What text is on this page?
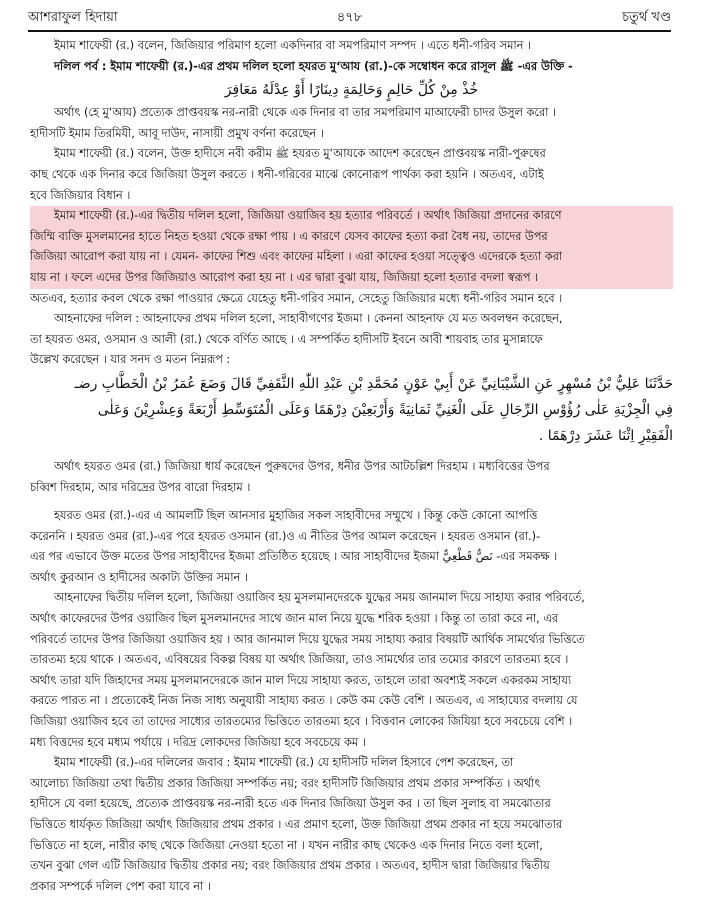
আশরাফুল হিদায়া	৪৭৮	চতুর্থ খণ্ড
ইমাম শাফেয়ী (র.) বলেন, জিজিয়ার পরিমাণ হলো একদিনার বা সমপরিমাণ সম্পদ । এতে ধনী-গরিব সমান ।
দলিল পর্ব : ইমাম শাফেয়ী (র.)-এর প্রথম দলিল হলো হযরত মু‘আয (রা.)-কে সম্বোধন করে রাসূল ﷺ -এর উক্তি -
خُذْ مِنْ كُلِّ حَالِمٍ وَحَالِمَةٍ دِينَارًا أَوْ عِدْلَهُ مَعَافِرَ
অর্থাৎ (হে মু‘আয) প্রত্যেক প্রাপ্তবয়স্ক নর-নারী থেকে এক দিনার বা তার সমপরিমাণ মাআফেরী চাদর উসুল করো ।
হাদীসটি ইমাম তিরমিযী, আবূ দাউদ, নাসায়ী প্রমুখ বর্ণনা করেছেন ।
ইমাম শাফেয়ী (র.) বলেন, উক্ত হাদীসে নবী করীম ﷺ হযরত মু‘আযকে আদেশ করেছেন প্রাপ্তবয়স্ক নারী-পুরুষের
কাছ থেকে এক দিনার করে জিজিয়া উসুল করতে । ধনী-গরিবের মাঝে কোনোরূপ পার্থক্য করা হয়নি । অতএব, এটাই
হবে জিজিয়ার বিধান ।
ইমাম শাফেয়ী (র.)-এর দ্বিতীয় দলিল হলো, জিজিয়া ওয়াজিব হয় হত্যার পরিবর্তে । অর্থাৎ জিজিয়া প্রদানের কারণে
জিম্মি ব্যক্তি মুসলমানের হাতে নিহত হওয়া থেকে রক্ষা পায় । এ কারণে যেসব কাফের হত্যা করা বৈধ নয়, তাদের উপর
জিজিয়া আরোপ করা যায় না । যেমন- কাফের শিশু এবং কাফের মহিলা । এরা কাফের হওয়া সত্ত্বেও এদেরকে হত্যা করা
যায় না । ফলে এদের উপর জিজিয়াও আরোপ করা হয় না । এর দ্বারা বুঝা যায়, জিজিয়া হলো হত্যার বদলা স্বরূপ ।
অতএব, হত্যার কবল থেকে রক্ষা পাওয়ার ক্ষেত্রে যেহেতু ধনী-গরিব সমান, সেহেতু জিজিয়ার মধ্যে ধনী-গরিব সমান হবে ।
আহনাফের দলিল : আহনাফের প্রথম দলিল হলো, সাহাবীগণের ইজমা । কেননা আহনাফ যে মত অবলম্বন করেছেন,
তা হযরত ওমর, ওসমান ও আলী (রা.) থেকে বর্ণিত আছে । এ সম্পর্কিত হাদীসটি ইবনে আবী শায়বাহ তার মুসান্নাফে
উল্লেখ করেছেন । যার সনদ ও মতন নিম্নরূপ :
حَدَّثَنَا عَلِيُّ بْنُ مُسْهِرٍ عَنِ الشَّيْبَانِيِّ عَنْ أَبِيْ عَوْنٍ مُحَمَّدِ بْنِ عَبْدِ اللّٰهِ الثَّقَفِيِّ قَالَ وَضَعَ عُمَرُ بْنُ الْخَطَّابِ رضـ
فِي الْجِزْيَةِ عَلٰى رُؤُوْسِ الرِّجَالِ عَلَى الْغَنِيِّ ثَمَانِيَةً وَأَرْبَعِيْنَ دِرْهَمًا وَعَلَى الْمُتَوَسِّطِ أَرْبَعَةً وَعِشْرِيْنَ وَعَلٰى
الْفَقِيْرِ اِثْنَا عَشَرَ دِرْهَمًا .
অর্থাৎ হযরত ওমর (রা.) জিজিয়া ধার্য করেছেন পুরুষদের উপর, ধনীর উপর আটচল্লিশ দিরহাম । মধ্যবিত্তের উপর
চব্বিশ দিরহাম, আর দরিদ্রের উপর বারো দিরহাম ।
হযরত ওমর (রা.)-এর এ আমলটি ছিল আনসার মুহাজির সকল সাহাবীদের সম্মুখে । কিন্তু কেউ কোনো আপত্তি
করেননি । হযরত ওমর (রা.)-এর পরে হযরত ওসমান (রা.)ও এ নীতির উপর আমল করেছেন । হযরত ওসমান (রা.)-
এর পর এভাবে উক্ত মতের উপর সাহাবীদের ইজমা প্রতিষ্ঠিত হয়েছে । আর সাহাবীদের ইজমা نَصٌّ قَطْعِيٌّ -এর সমকক্ষ ।
অর্থাৎ কুরআন ও হাদীসের অকাট্য উক্তির সমান ।
আহনাফের দ্বিতীয় দলিল হলো, জিজিয়া ওয়াজিব হয় মুসলমানদেরকে যুদ্ধের সময় জানমাল দিয়ে সাহায্য করার পরিবর্তে,
অর্থাৎ কাফেরদের উপর ওয়াজিব ছিল মুসলমানদের সাথে জান মাল নিয়ে যুদ্ধে শরিক হওয়া । কিন্তু তা তারা করে না, এর
পরিবর্তে তাদের উপর জিজিয়া ওয়াজিব হয় । আর জানমাল দিয়ে যুদ্ধের সময় সাহায্য করার বিষয়টি আর্থিক সামর্থ্যের ভিত্তিতে
তারতম্য হয়ে থাকে । অতএব, এবিষয়ের বিকল্প বিষয় যা অর্থাৎ জিজিয়া, তাও সামর্থ্যের তার তম্যের কারণে তারতম্য হবে ।
অর্থাৎ তারা যদি জিহাদের সময় মুসলমানদেরকে জান মাল দিয়ে সাহায্য করত, তাহলে তারা অবশ্যই সকলে একরকম সাহায্য
করতে পারত না । প্রত্যেকেই নিজ নিজ সাধ্য অনুযায়ী সাহায্য করত । কেউ কম কেউ বেশি । অতএব, এ সাহায্যের বদলায় যে
জিজিয়া ওয়াজিব হবে তা তাদের সাধ্যের তারতম্যের ভিত্তিতে তারতম্য হবে । বিত্তবান লোকের জিযিয়া হবে সবচেয়ে বেশি ।
মধ্য বিত্তদের হবে মধ্যম পর্যায়ে । দরিদ্র লোকদের জিজিয়া হবে সবচেয়ে কম ।
ইমাম শাফেয়ী (র.)-এর দলিলের জবাব : ইমাম শাফেয়ী (র.) যে হাদীসটি দলিল হিসাবে পেশ করেছেন, তা
আলোচ্য জিজিয়া তথা দ্বিতীয় প্রকার জিজিয়া সম্পর্কিত নয়; বরং হাদীসটি জিজিয়ার প্রথম প্রকার সম্পর্কিত । অর্থাৎ
হাদীসে যে বলা হয়েছে, প্রত্যেক প্রাপ্তবয়স্ক নর-নারী হতে এক দিনার জিজিয়া উসুল কর । তা ছিল সুলাহ বা সমঝোতার
ভিত্তিতে ধার্যকৃত জিজিয়া অর্থাৎ জিজিয়ার প্রথম প্রকার । এর প্রমাণ হলো, উক্ত জিজিয়া প্রথম প্রকার না হয়ে সমঝোতার
ভিত্তিতে না হলে, নারীর কাছ থেকে জিজিয়া নেওয়া হতো না । যখন নারীর কাছ থেকেও এক দিনার নিতে বলা হলো,
তখন বুঝা গেল এটি জিজিয়ার দ্বিতীয় প্রকার নয়; বরং জিজিয়ার প্রথম প্রকার । অতএব, হাদীস দ্বারা জিজিয়ার দ্বিতীয়
প্রকার সম্পর্কে দলিল পেশ করা যাবে না ।
